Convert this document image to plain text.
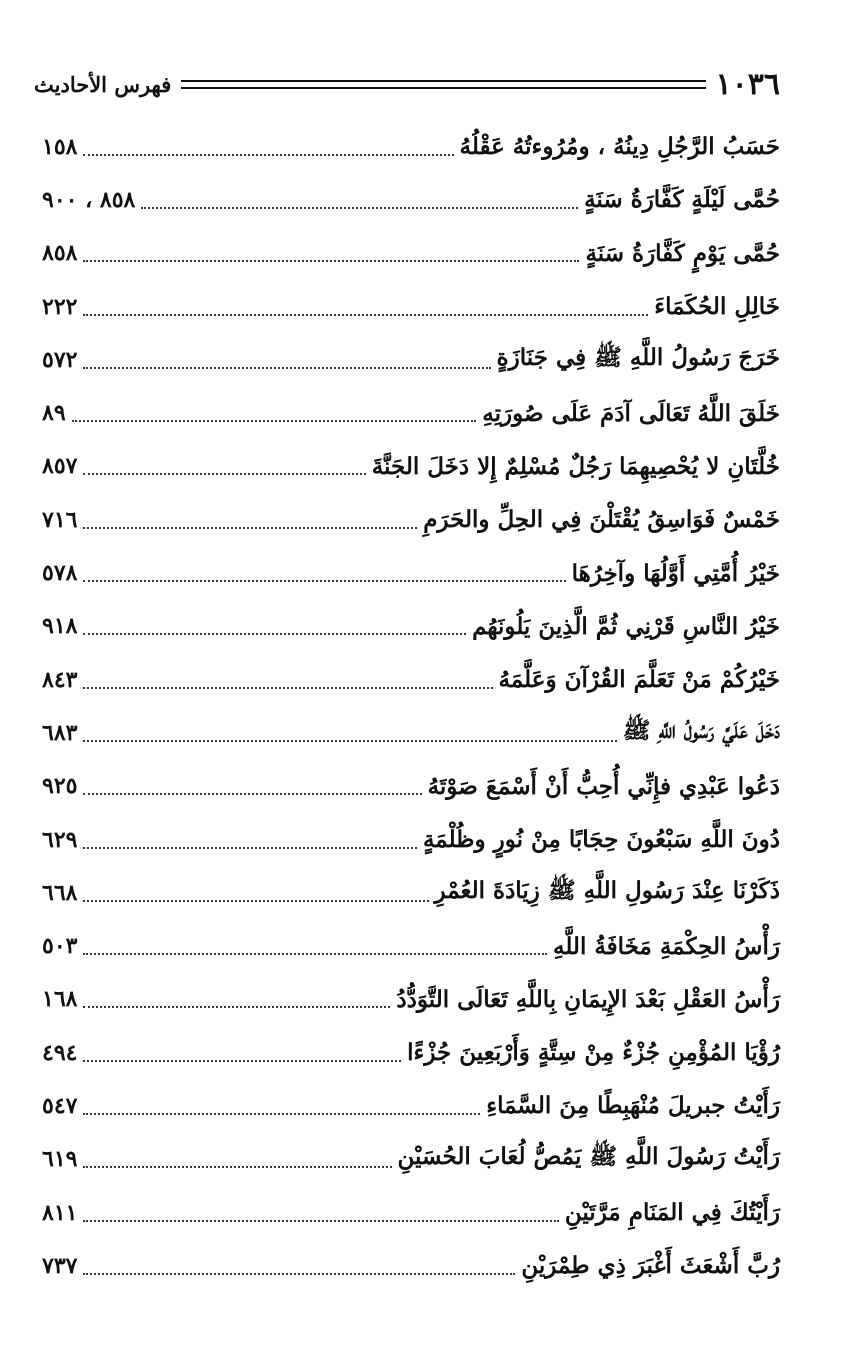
١٠٣٦
فهرس الأحاديث
حَسَبُ الرَّجُلِ دِينُهُ ، ومُرُوءتُهُ عَقْلُهُ
١٥٨
حُمَّى لَيْلَةٍ كَفَّارَةُ سَنَةٍ
٨٥٨ ، ٩٠٠
حُمَّى يَوْمٍ كَفَّارَةُ سَنَةٍ
٨٥٨
خَالِلِ الحُكَمَاءَ
٢٢٢
خَرَجَ رَسُولُ اللَّهِ ﷺ فِي جَنَازَةٍ
٥٧٢
خَلَقَ اللَّهُ تَعَالَى آدَمَ عَلَى صُورَتِهِ
٨٩
خُلَّتَانِ لا يُحْصِيهِمَا رَجُلٌ مُسْلِمٌ إِلا دَخَلَ الجَنَّةَ
٨٥٧
خَمْسٌ فَوَاسِقُ يُقْتَلْنَ فِي الحِلِّ والحَرَمِ
٧١٦
خَيْرُ أُمَّتِي أَوَّلُهَا وآخِرُهَا
٥٧٨
خَيْرُ النَّاسِ قَرْنِي ثُمَّ الَّذِينَ يَلُونَهُم
٩١٨
خَيْرُكُمْ مَنْ تَعَلَّمَ القُرْآنَ وَعَلَّمَهُ
٨٤٣
دَخَلَ عَلَيَّ رَسُولُ اللَّهِ ﷺ
٦٨٣
دَعُوا عَبْدِي فإِنِّي أُحِبُّ أَنْ أَسْمَعَ صَوْتَهُ
٩٢٥
دُونَ اللَّهِ سَبْعُونَ حِجَابًا مِنْ نُورٍ وظُلْمَةٍ
٦٢٩
ذَكَرْنَا عِنْدَ رَسُولِ اللَّهِ ﷺ زِيَادَةَ العُمْرِ
٦٦٨
رَأْسُ الحِكْمَةِ مَخَافَةُ اللَّهِ
٥٠٣
رَأْسُ العَقْلِ بَعْدَ الإِيمَانِ بِاللَّهِ تَعَالَى التَّوَدُّدُ
١٦٨
رُؤْيَا المُؤْمِنِ جُزْءٌ مِنْ سِتَّةٍ وَأَرْبَعِينَ جُزْءًا
٤٩٤
رَأَيْتُ جبريلَ مُنْهَبِطًا مِنَ السَّمَاءِ
٥٤٧
رَأَيْتُ رَسُولَ اللَّهِ ﷺ يَمُصُّ لُعَابَ الحُسَيْنِ
٦١٩
رَأَيْتُكَ فِي المَنَامِ مَرَّتَيْنِ
٨١١
رُبَّ أَشْعَثَ أَغْبَرَ ذِي طِمْرَيْنِ
٧٣٧
